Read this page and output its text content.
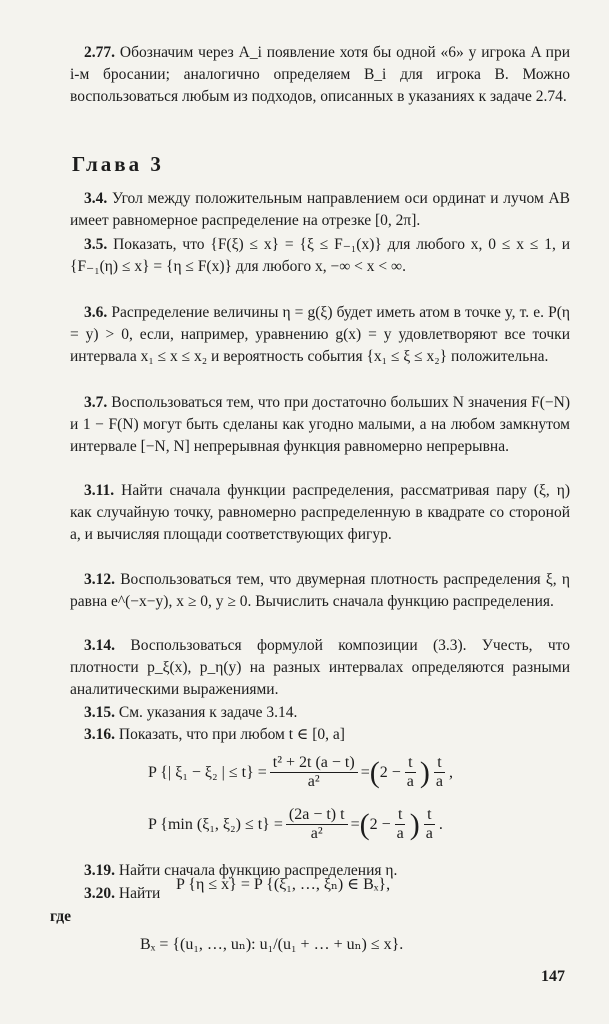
2.77. Обозначим через A_i появление хотя бы одной «6» у игрока A при i-м бросании; аналогично определяем B_i для игрока B. Можно воспользоваться любым из подходов, описанных в указаниях к задаче 2.74.

Глава 3

3.4. Угол между положительным направлением оси ординат и лучом AB имеет равномерное распределение на отрезке [0, 2π].

3.5. Показать, что {F(ξ) ≤ x} = {ξ ≤ F₋₁(x)} для любого x, 0 ≤ x ≤ 1, и {F₋₁(η) ≤ x} = {η ≤ F(x)} для любого x, −∞ < x < ∞.

3.6. Распределение величины η = g(ξ) будет иметь атом в точке y, т. е. P(η = y) > 0, если, например, уравнению g(x) = y удовлетворяют все точки интервала x₁ ≤ x ≤ x₂ и вероятность события {x₁ ≤ ξ ≤ x₂} положительна.

3.7. Воспользоваться тем, что при достаточно больших N значения F(−N) и 1 − F(N) могут быть сделаны как угодно малыми, а на любом замкнутом интервале [−N, N] непрерывная функция равномерно непрерывна.

3.11. Найти сначала функции распределения, рассматривая пару (ξ, η) как случайную точку, равномерно распределенную в квадрате со стороной a, и вычисляя площади соответствующих фигур.

3.12. Воспользоваться тем, что двумерная плотность распределения ξ, η равна e^(−x−y), x ≥ 0, y ≥ 0. Вычислить сначала функцию распределения.

3.14. Воспользоваться формулой композиции (3.3). Учесть, что плотности p_ξ(x), p_η(y) на разных интервалах определяются разными аналитическими выражениями.

3.15. См. указания к задаче 3.14.

3.16. Показать, что при любом t ∈ [0, a]

P {| ξ₁ − ξ₂ | ≤ $t\} = \frac{\text{t² + 2t (a − t)}}{\text{a²}}$ = ( $2 - \frac{t}{a}$ ) $\frac{t}{a}$ ,
P {min (ξ₁, $\xi_2) \le t\} = \frac{(2a - t) t}{\text{a²}}$ = ( $2 - \frac{t}{a}$ ) $\frac{t}{a}$ .

3.19. Найти сначала функцию распределения η.

3.20. Найти

P {η ≤ x} = P {(ξ₁, …, ξₙ) ∈ Bₓ},
где
Bₓ = {(u₁, …, uₙ): u₁/(u₁ + … + uₙ) ≤ x}.
147
